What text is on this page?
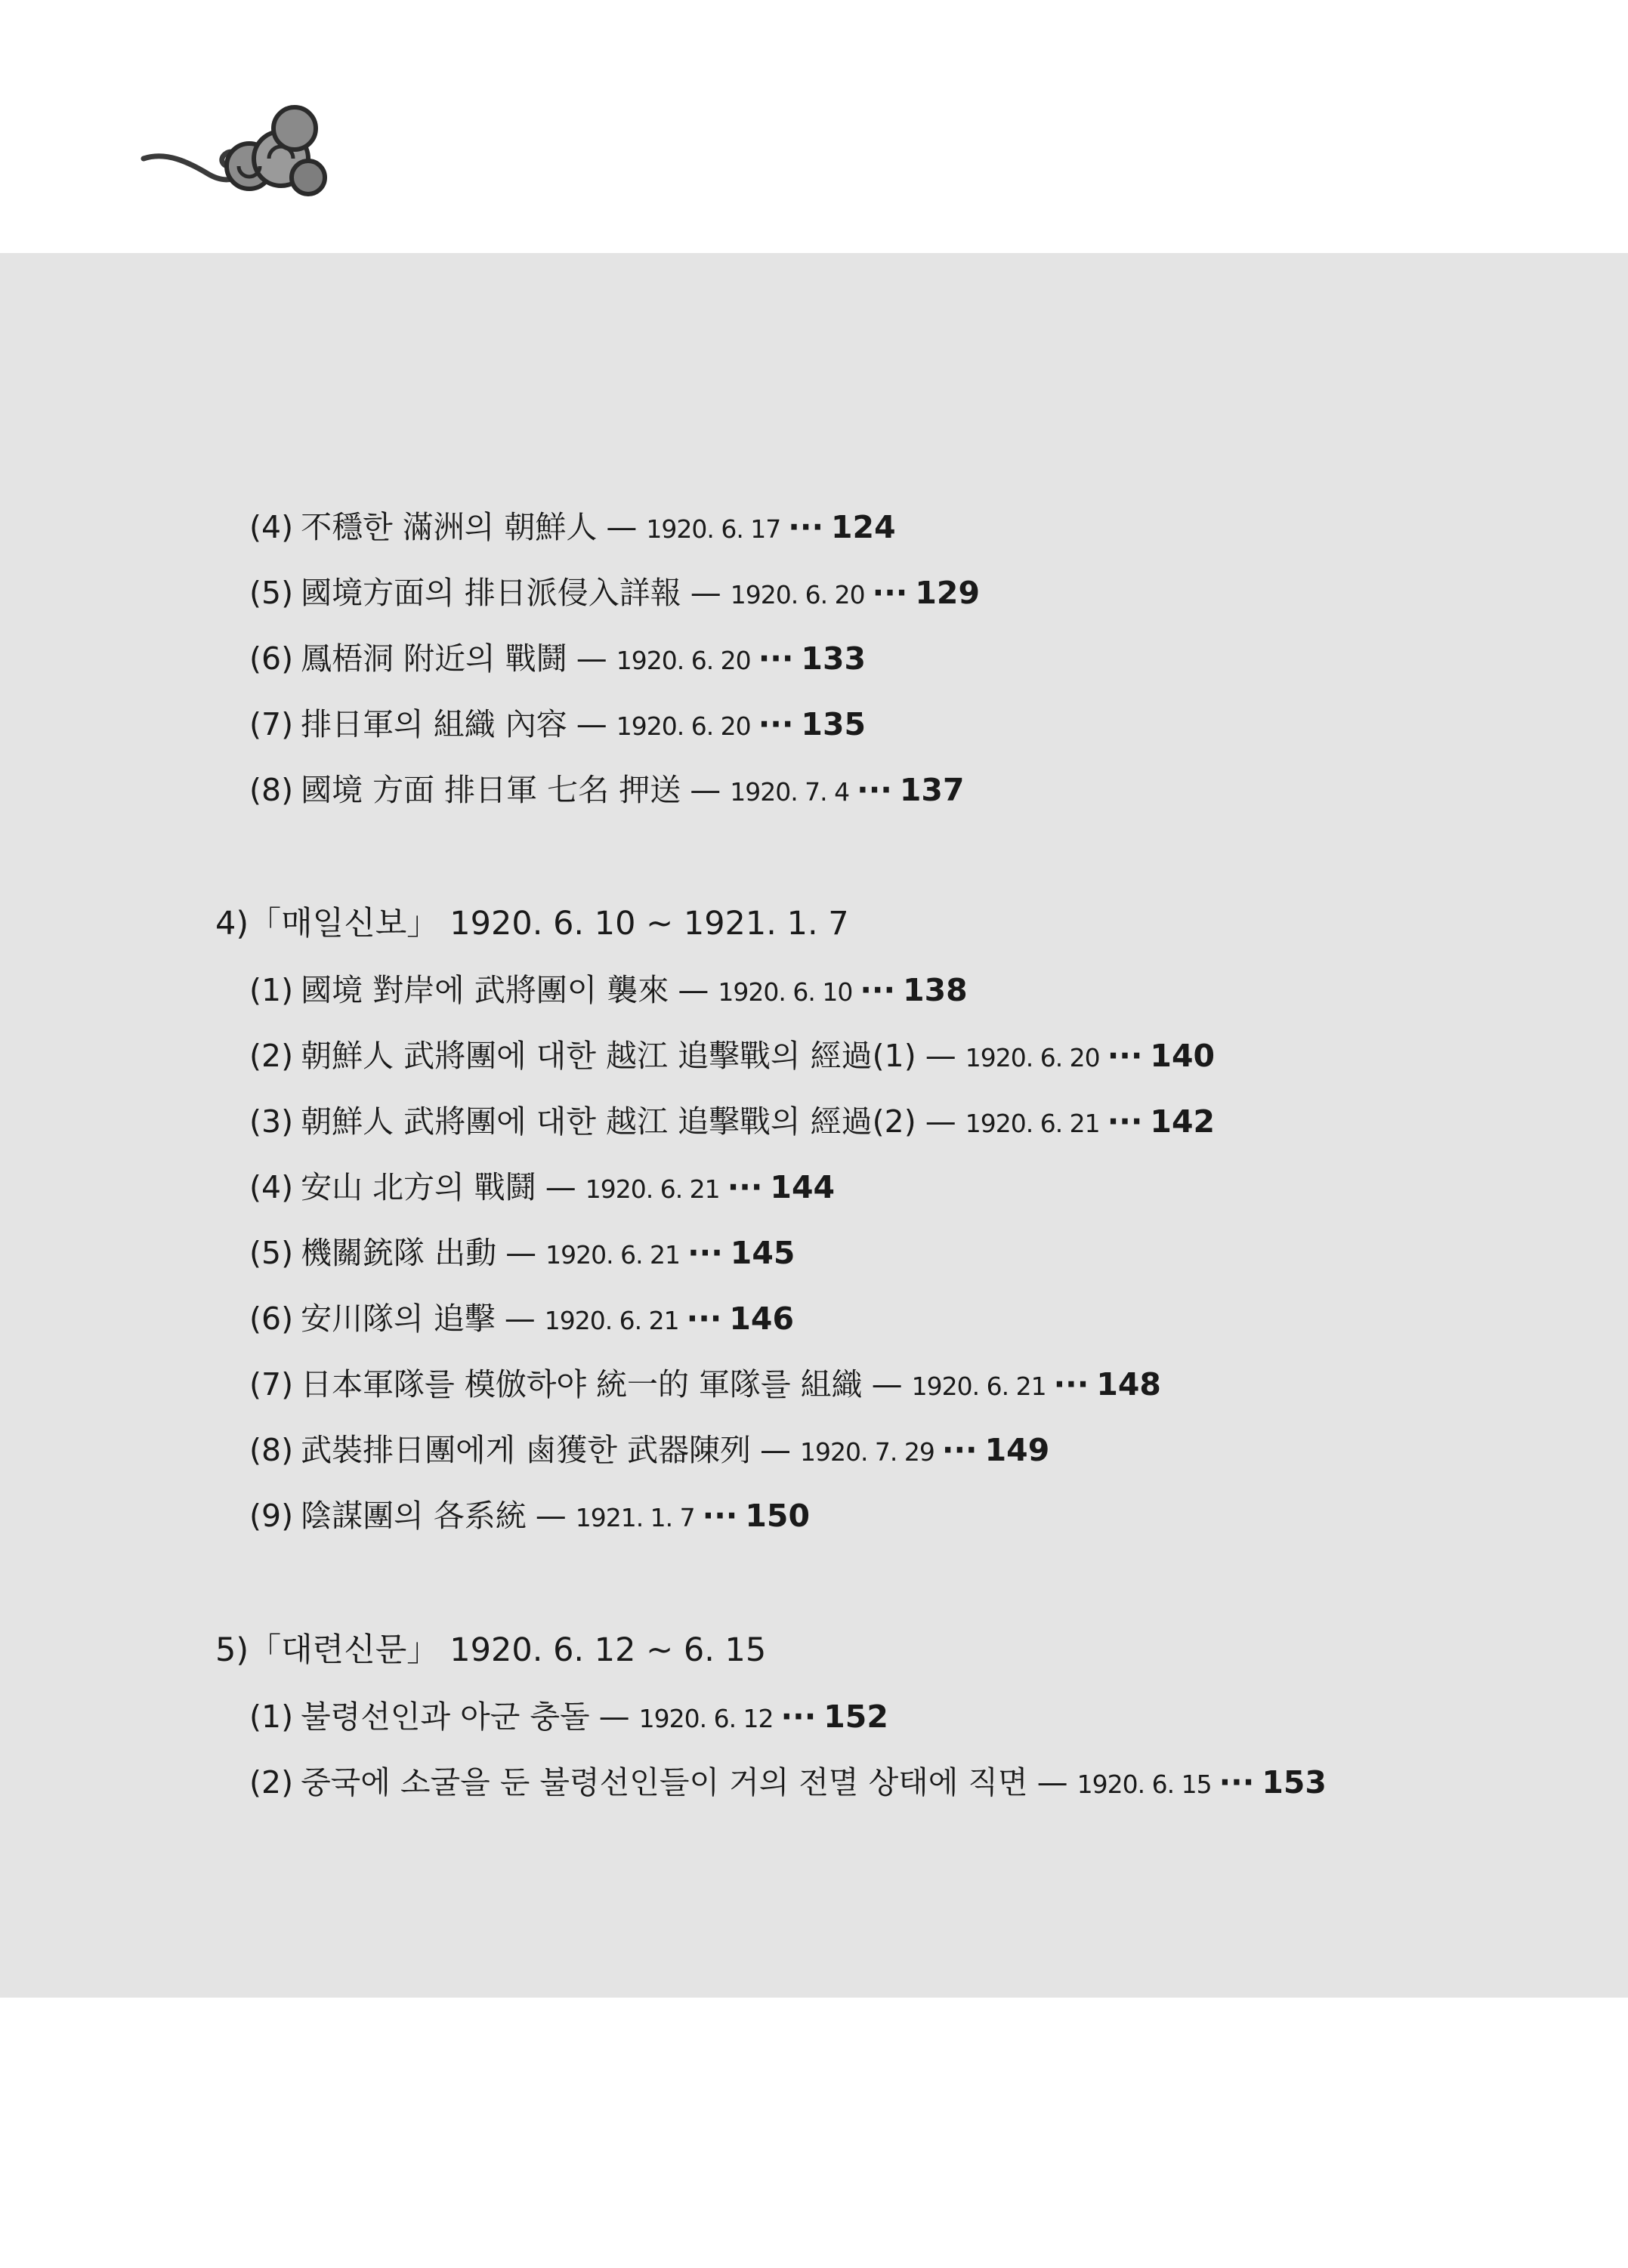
(4) 不穩한 滿洲의 朝鮮人 — 1920. 6. 17 ··· 124
(5) 國境方面의 排日派侵入詳報 — 1920. 6. 20 ··· 129
(6) 鳳梧洞 附近의 戰鬪 — 1920. 6. 20 ··· 133
(7) 排日軍의 組織 內容 — 1920. 6. 20 ··· 135
(8) 國境 方面 排日軍 七名 押送 — 1920. 7. 4 ··· 137
4)「매일신보」 1920. 6. 10 ~ 1921. 1. 7
(1) 國境 對岸에 武將團이 襲來 — 1920. 6. 10 ··· 138
(2) 朝鮮人 武將團에 대한 越江 追擊戰의 經過(1) — 1920. 6. 20 ··· 140
(3) 朝鮮人 武將團에 대한 越江 追擊戰의 經過(2) — 1920. 6. 21 ··· 142
(4) 安山 北方의 戰鬪 — 1920. 6. 21 ··· 144
(5) 機關銃隊 出動 — 1920. 6. 21 ··· 145
(6) 安川隊의 追擊 — 1920. 6. 21 ··· 146
(7) 日本軍隊를 模倣하야 統一的 軍隊를 組織 — 1920. 6. 21 ··· 148
(8) 武裝排日團에게 鹵獲한 武器陳列 — 1920. 7. 29 ··· 149
(9) 陰謀團의 各系統 — 1921. 1. 7 ··· 150
5)「대련신문」 1920. 6. 12 ~ 6. 15
(1) 불령선인과 아군 충돌 — 1920. 6. 12 ··· 152
(2) 중국에 소굴을 둔 불령선인들이 거의 전멸 상태에 직면 — 1920. 6. 15 ··· 153
